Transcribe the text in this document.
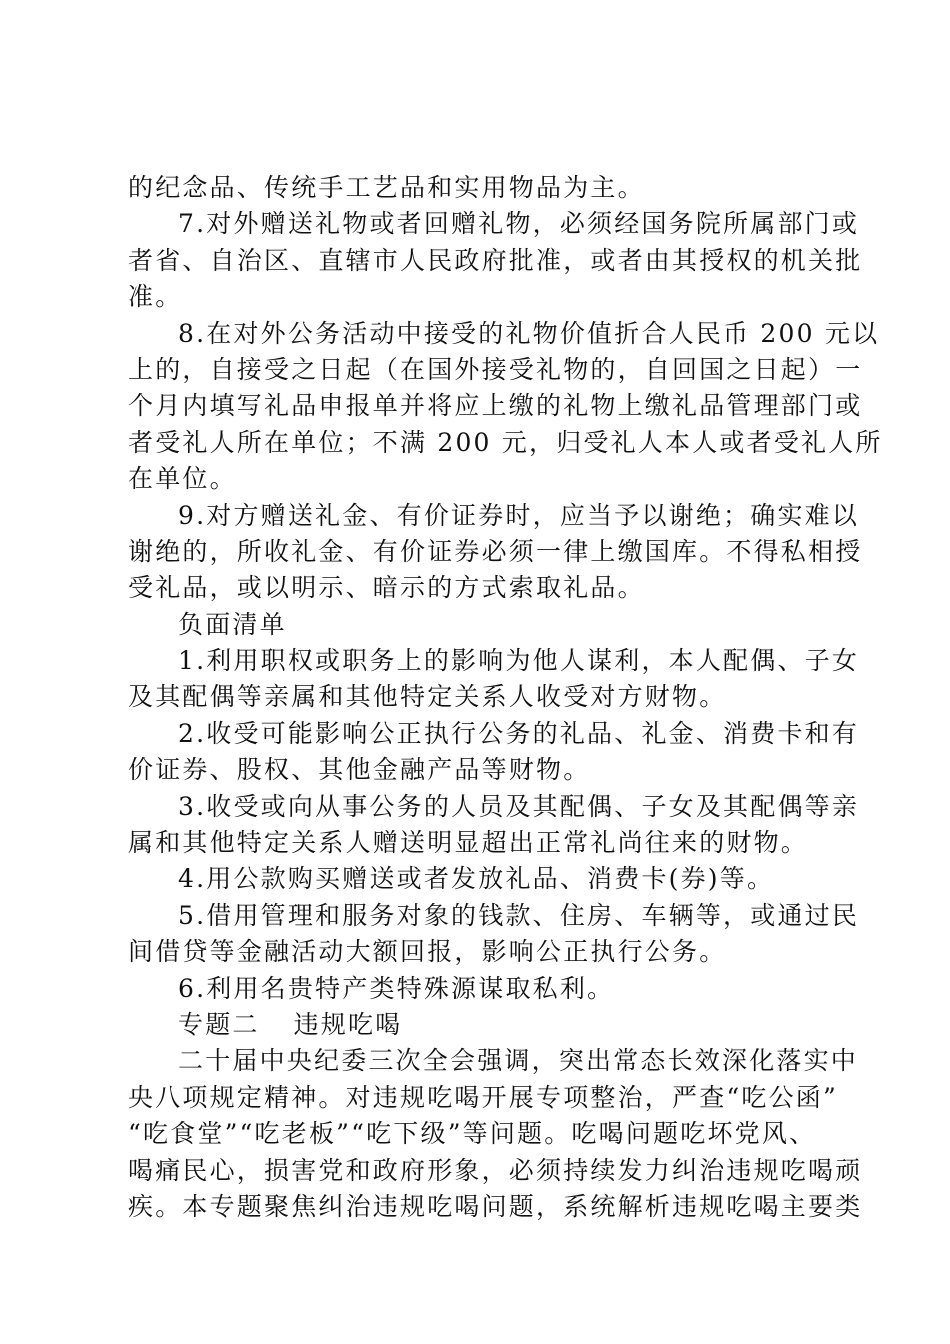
的纪念品、传统手工艺品和实用物品为主。
7.对外赠送礼物或者回赠礼物，必须经国务院所属部门或
者省、自治区、直辖市人民政府批准，或者由其授权的机关批
准。
8.在对外公务活动中接受的礼物价值折合人民币 200 元以
上的，自接受之日起（在国外接受礼物的，自回国之日起）一
个月内填写礼品申报单并将应上缴的礼物上缴礼品管理部门或
者受礼人所在单位；不满 200 元，归受礼人本人或者受礼人所
在单位。
9.对方赠送礼金、有价证券时，应当予以谢绝；确实难以
谢绝的，所收礼金、有价证券必须一律上缴国库。不得私相授
受礼品，或以明示、暗示的方式索取礼品。
负面清单
1.利用职权或职务上的影响为他人谋利，本人配偶、子女
及其配偶等亲属和其他特定关系人收受对方财物。
2.收受可能影响公正执行公务的礼品、礼金、消费卡和有
价证券、股权、其他金融产品等财物。
3.收受或向从事公务的人员及其配偶、子女及其配偶等亲
属和其他特定关系人赠送明显超出正常礼尚往来的财物。
4.用公款购买赠送或者发放礼品、消费卡(券)等。
5.借用管理和服务对象的钱款、住房、车辆等，或通过民
间借贷等金融活动大额回报，影响公正执行公务。
6.利用名贵特产类特殊源谋取私利。
专题二 违规吃喝
二十届中央纪委三次全会强调，突出常态长效深化落实中
央八项规定精神。对违规吃喝开展专项整治，严查“吃公函”
“吃食堂”“吃老板”“吃下级”等问题。吃喝问题吃坏党风、
喝痛民心，损害党和政府形象，必须持续发力纠治违规吃喝顽
疾。本专题聚焦纠治违规吃喝问题，系统解析违规吃喝主要类
